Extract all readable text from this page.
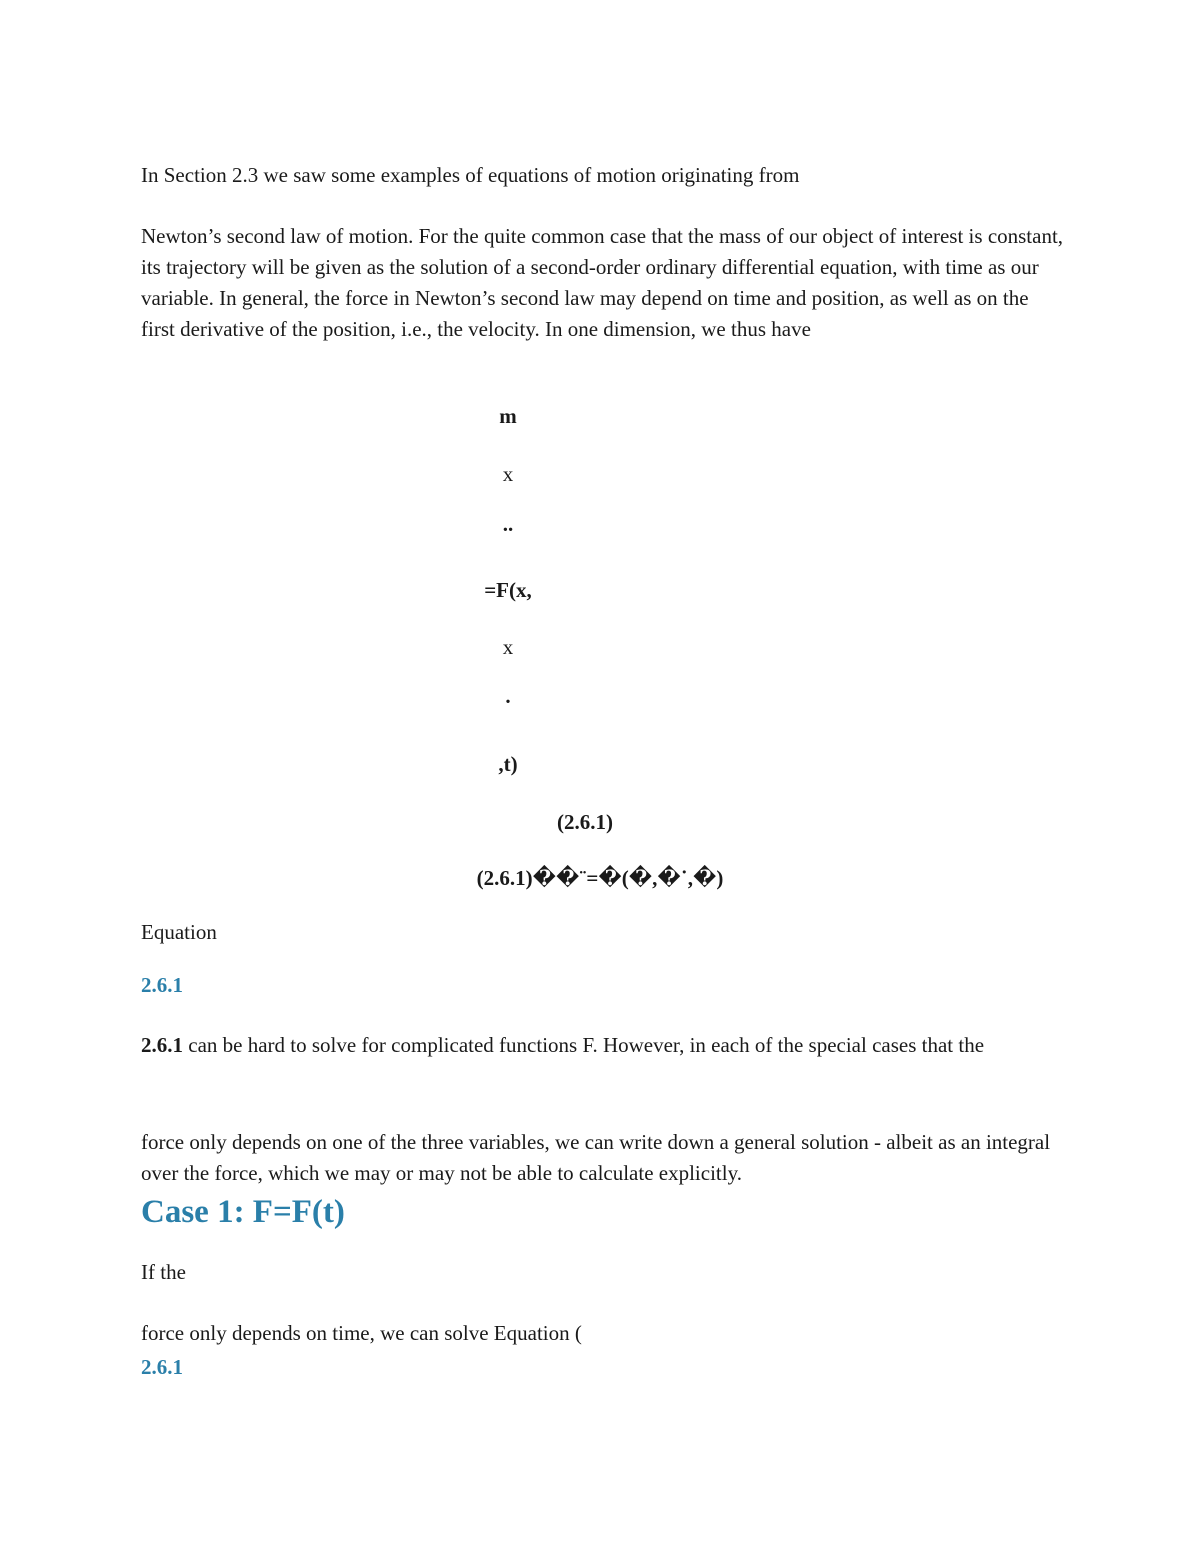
In Section 2.3 we saw some examples of equations of motion originating from

Newton’s second law of motion. For the quite common case that the mass of our object of interest is constant, its trajectory will be given as the solution of a second-order ordinary differential equation, with time as our variable. In general, the force in Newton’s second law may depend on time and position, as well as on the first derivative of the position, i.e., the velocity. In one dimension, we thus have

m

x

..

=F(x,

x

.

,t)

(2.6.1)

(2.6.1)��¨=�(�,�˙,�)

Equation

2.6.1

2.6.1 can be hard to solve for complicated functions F. However, in each of the special cases that the

force only depends on one of the three variables, we can write down a general solution - albeit as an integral over the force, which we may or may not be able to calculate explicitly.

Case 1: F=F(t)

If the

force only depends on time, we can solve Equation (

2.6.1
